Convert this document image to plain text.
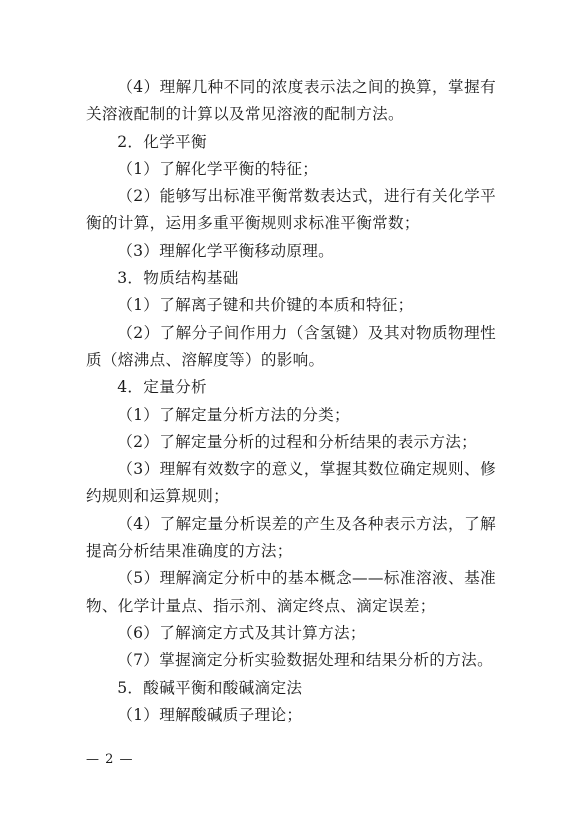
（4）理解几种不同的浓度表示法之间的换算，掌握有关溶液配制的计算以及常见溶液的配制方法。

2．化学平衡

（1）了解化学平衡的特征；

（2）能够写出标准平衡常数表达式，进行有关化学平衡的计算，运用多重平衡规则求标准平衡常数；

（3）理解化学平衡移动原理。

3．物质结构基础

（1）了解离子键和共价键的本质和特征；

（2）了解分子间作用力（含氢键）及其对物质物理性质（熔沸点、溶解度等）的影响。

4．定量分析

（1）了解定量分析方法的分类；

（2）了解定量分析的过程和分析结果的表示方法；

（3）理解有效数字的意义，掌握其数位确定规则、修约规则和运算规则；

（4）了解定量分析误差的产生及各种表示方法，了解提高分析结果准确度的方法；

（5）理解滴定分析中的基本概念——标准溶液、基准物、化学计量点、指示剂、滴定终点、滴定误差；

（6）了解滴定方式及其计算方法；

（7）掌握滴定分析实验数据处理和结果分析的方法。

5．酸碱平衡和酸碱滴定法

（1）理解酸碱质子理论；

— 2 —
